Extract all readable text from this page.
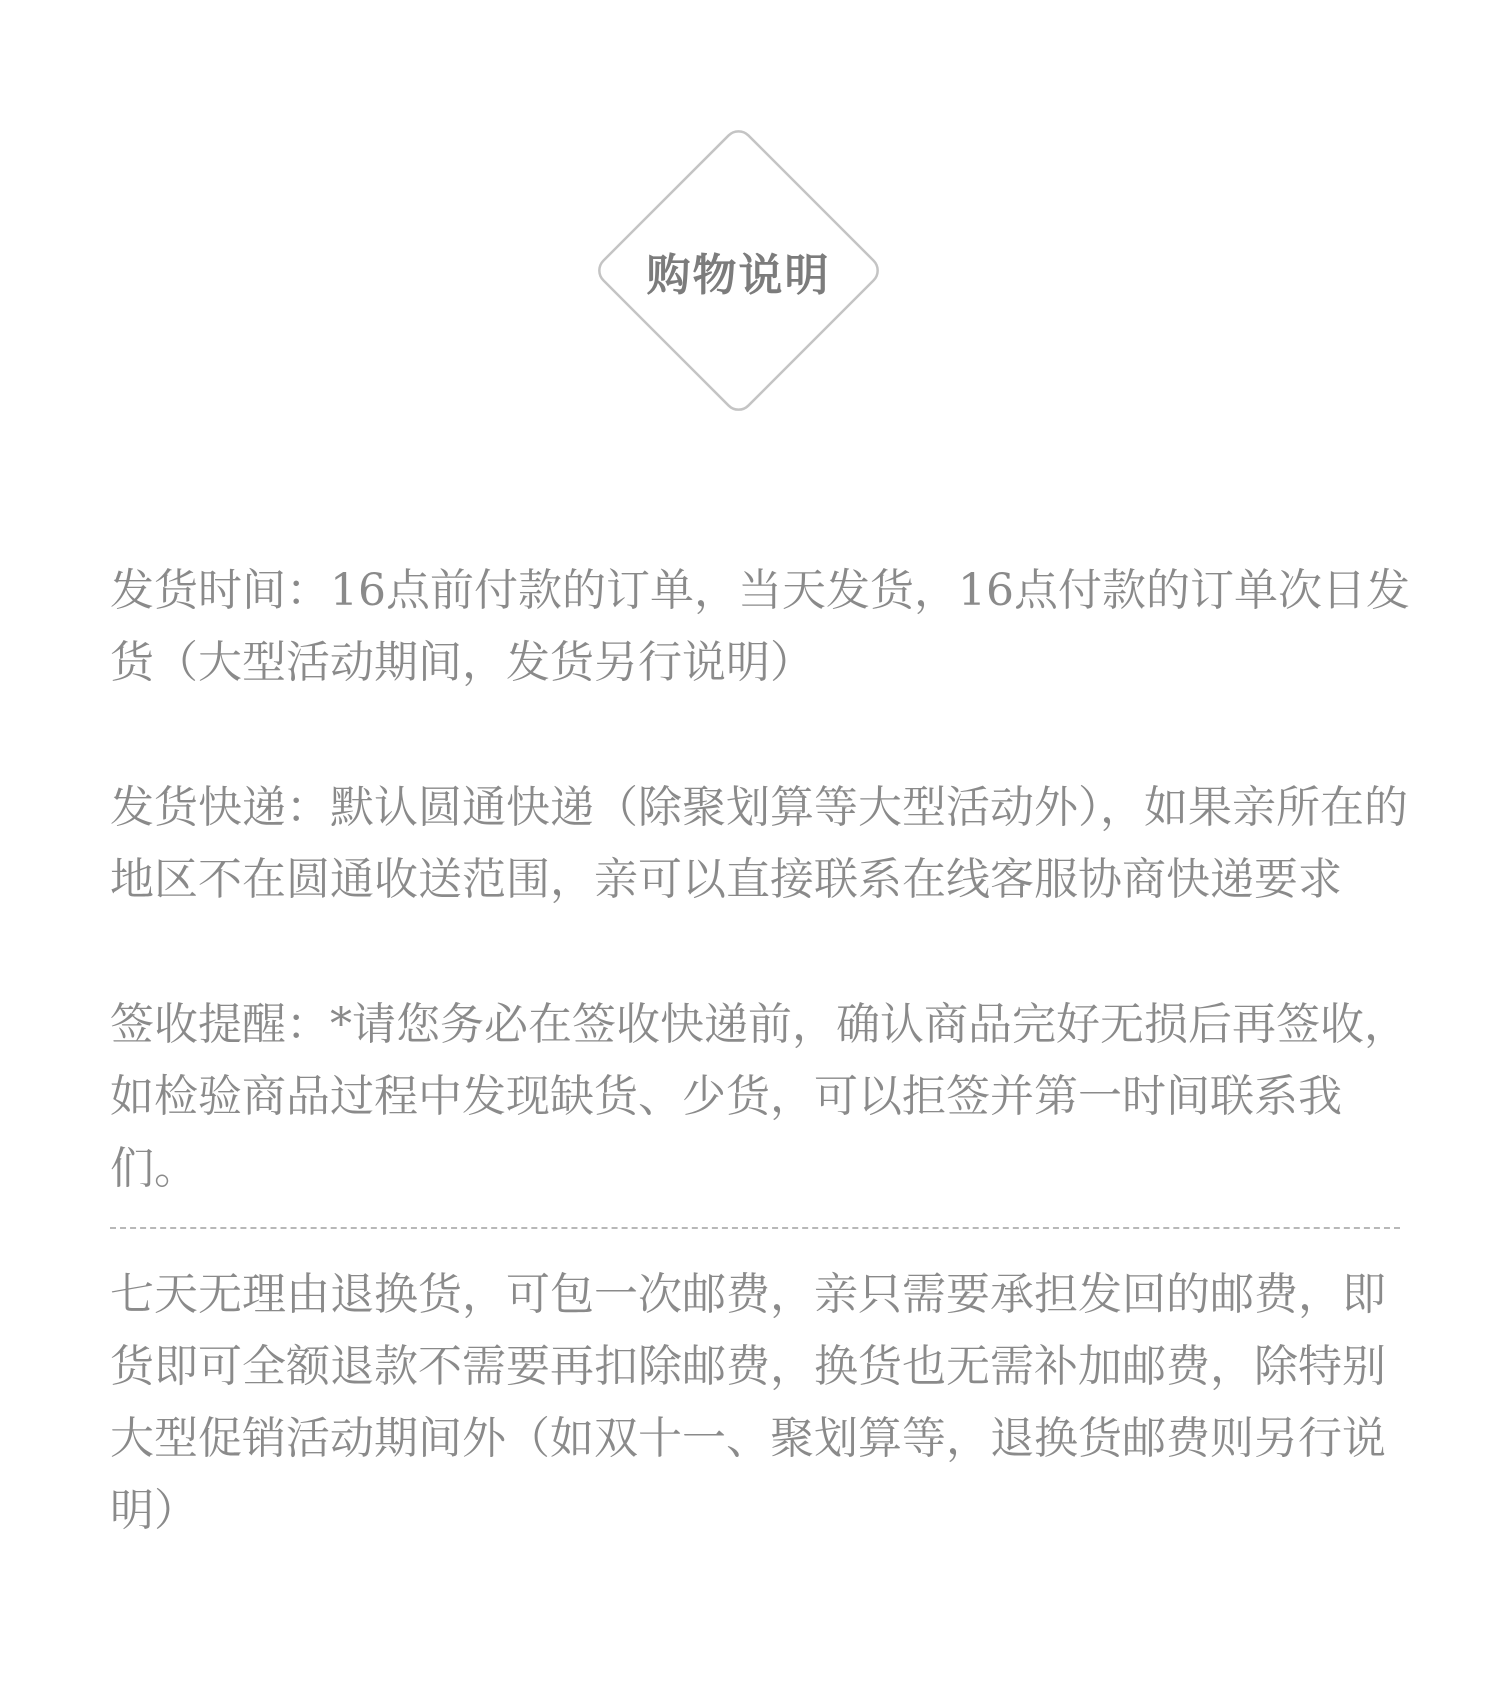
购物说明

发货时间：16点前付款的订单，当天发货，16点付款的订单次日发货（大型活动期间，发货另行说明）

发货快递：默认圆通快递（除聚划算等大型活动外），如果亲所在的地区不在圆通收送范围，亲可以直接联系在线客服协商快递要求

签收提醒：*请您务必在签收快递前，确认商品完好无损后再签收，如检验商品过程中发现缺货、少货，可以拒签并第一时间联系我们。

七天无理由退换货，可包一次邮费，亲只需要承担发回的邮费，即货即可全额退款不需要再扣除邮费，换货也无需补加邮费，除特别大型促销活动期间外（如双十一、聚划算等，退换货邮费则另行说明）
